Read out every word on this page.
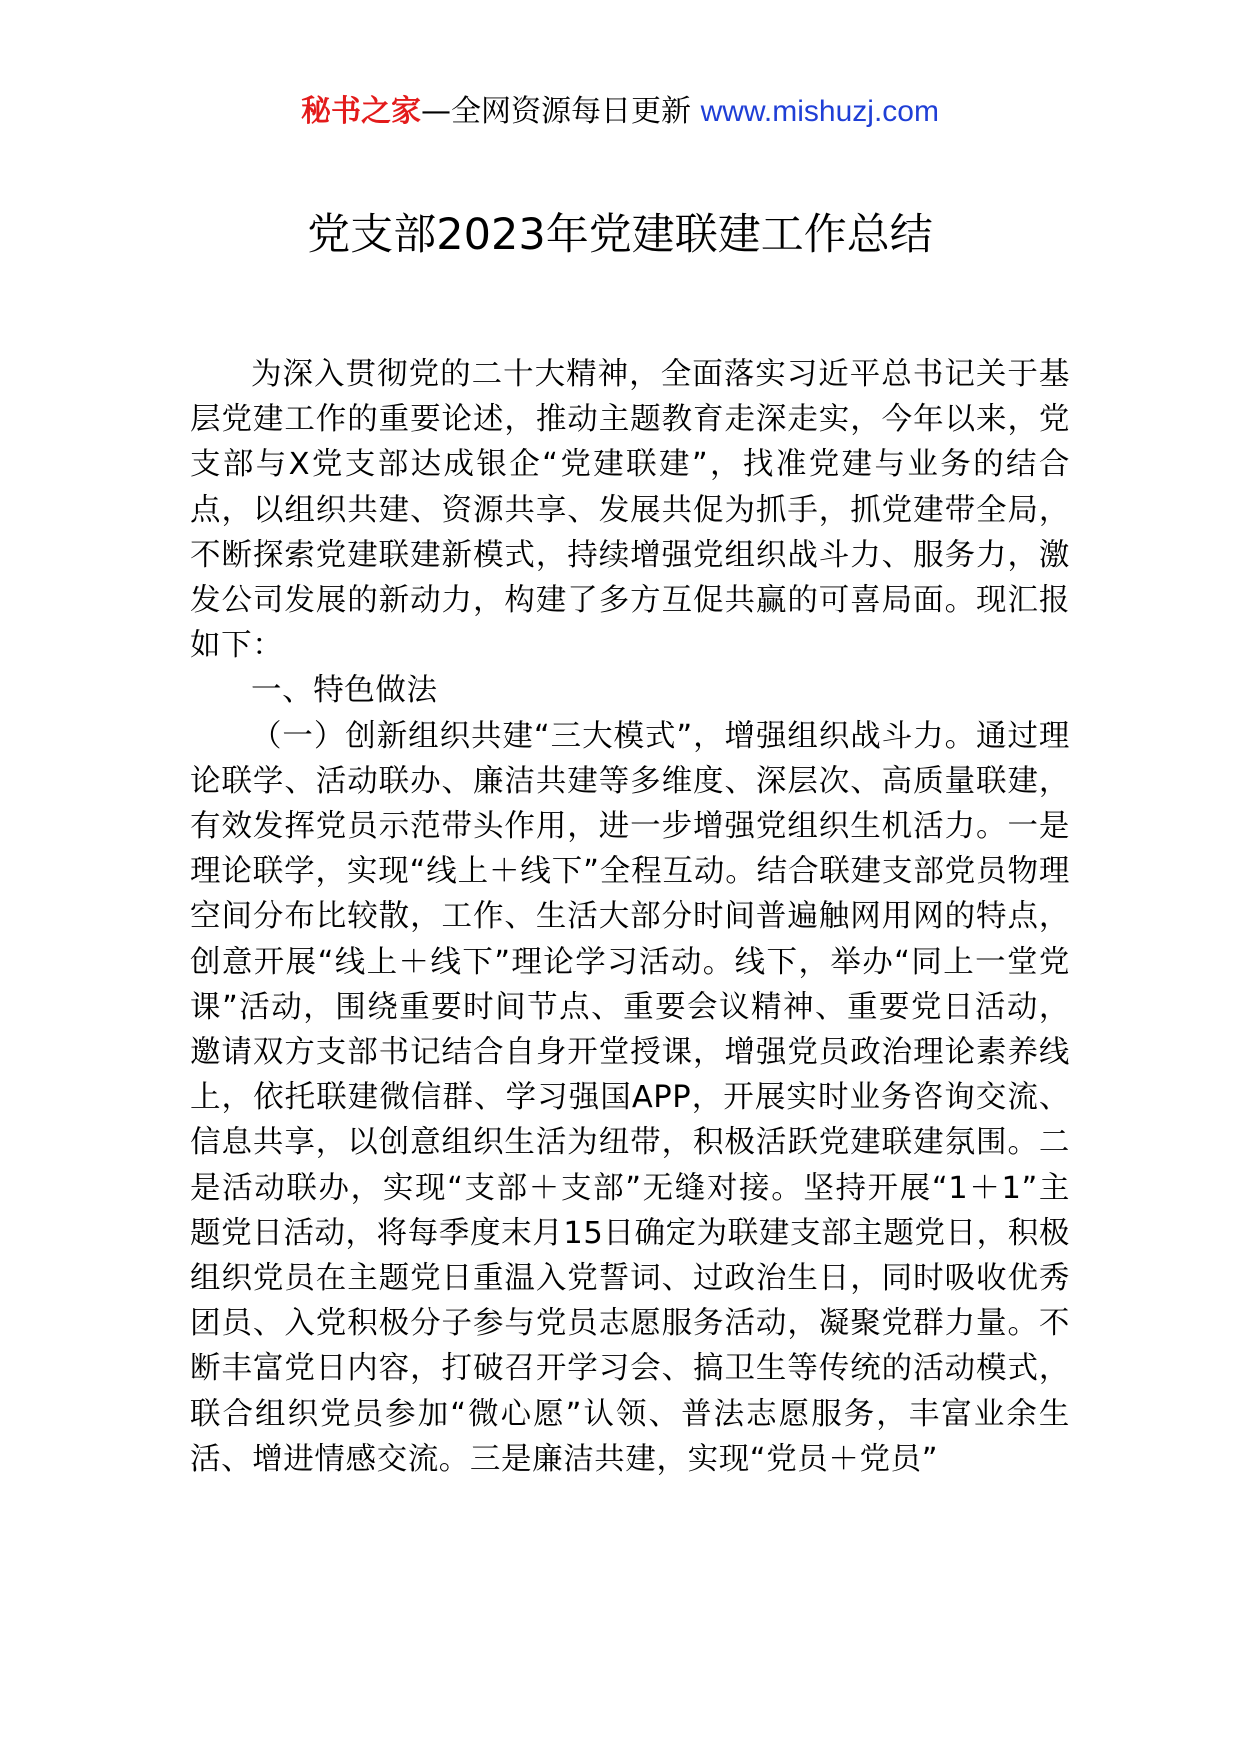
秘书之家—全网资源每日更新 www.mishuzj.com
党支部2023年党建联建工作总结

为深入贯彻党的二十大精神，全面落实习近平总书记关于基层党建工作的重要论述，推动主题教育走深走实，今年以来，党支部与X党支部达成银企“党建联建”，找准党建与业务的结合点，以组织共建、资源共享、发展共促为抓手，抓党建带全局，不断探索党建联建新模式，持续增强党组织战斗力、服务力，激发公司发展的新动力，构建了多方互促共赢的可喜局面。现汇报如下：

一、特色做法

（一）创新组织共建“三大模式”，增强组织战斗力。通过理论联学、活动联办、廉洁共建等多维度、深层次、高质量联建，有效发挥党员示范带头作用，进一步增强党组织生机活力。一是理论联学，实现“线上＋线下”全程互动。结合联建支部党员物理空间分布比较散，工作、生活大部分时间普遍触网用网的特点，创意开展“线上＋线下”理论学习活动。线下，举办“同上一堂党课”活动，围绕重要时间节点、重要会议精神、重要党日活动，邀请双方支部书记结合自身开堂授课，增强党员政治理论素养线上，依托联建微信群、学习强国APP，开展实时业务咨询交流、信息共享，以创意组织生活为纽带，积极活跃党建联建氛围。二是活动联办，实现“支部＋支部”无缝对接。坚持开展“1＋1”主题党日活动，将每季度末月15日确定为联建支部主题党日，积极组织党员在主题党日重温入党誓词、过政治生日，同时吸收优秀团员、入党积极分子参与党员志愿服务活动，凝聚党群力量。不断丰富党日内容，打破召开学习会、搞卫生等传统的活动模式，联合组织党员参加“微心愿”认领、普法志愿服务，丰富业余生活、增进情感交流。三是廉洁共建，实现“党员＋党员”
